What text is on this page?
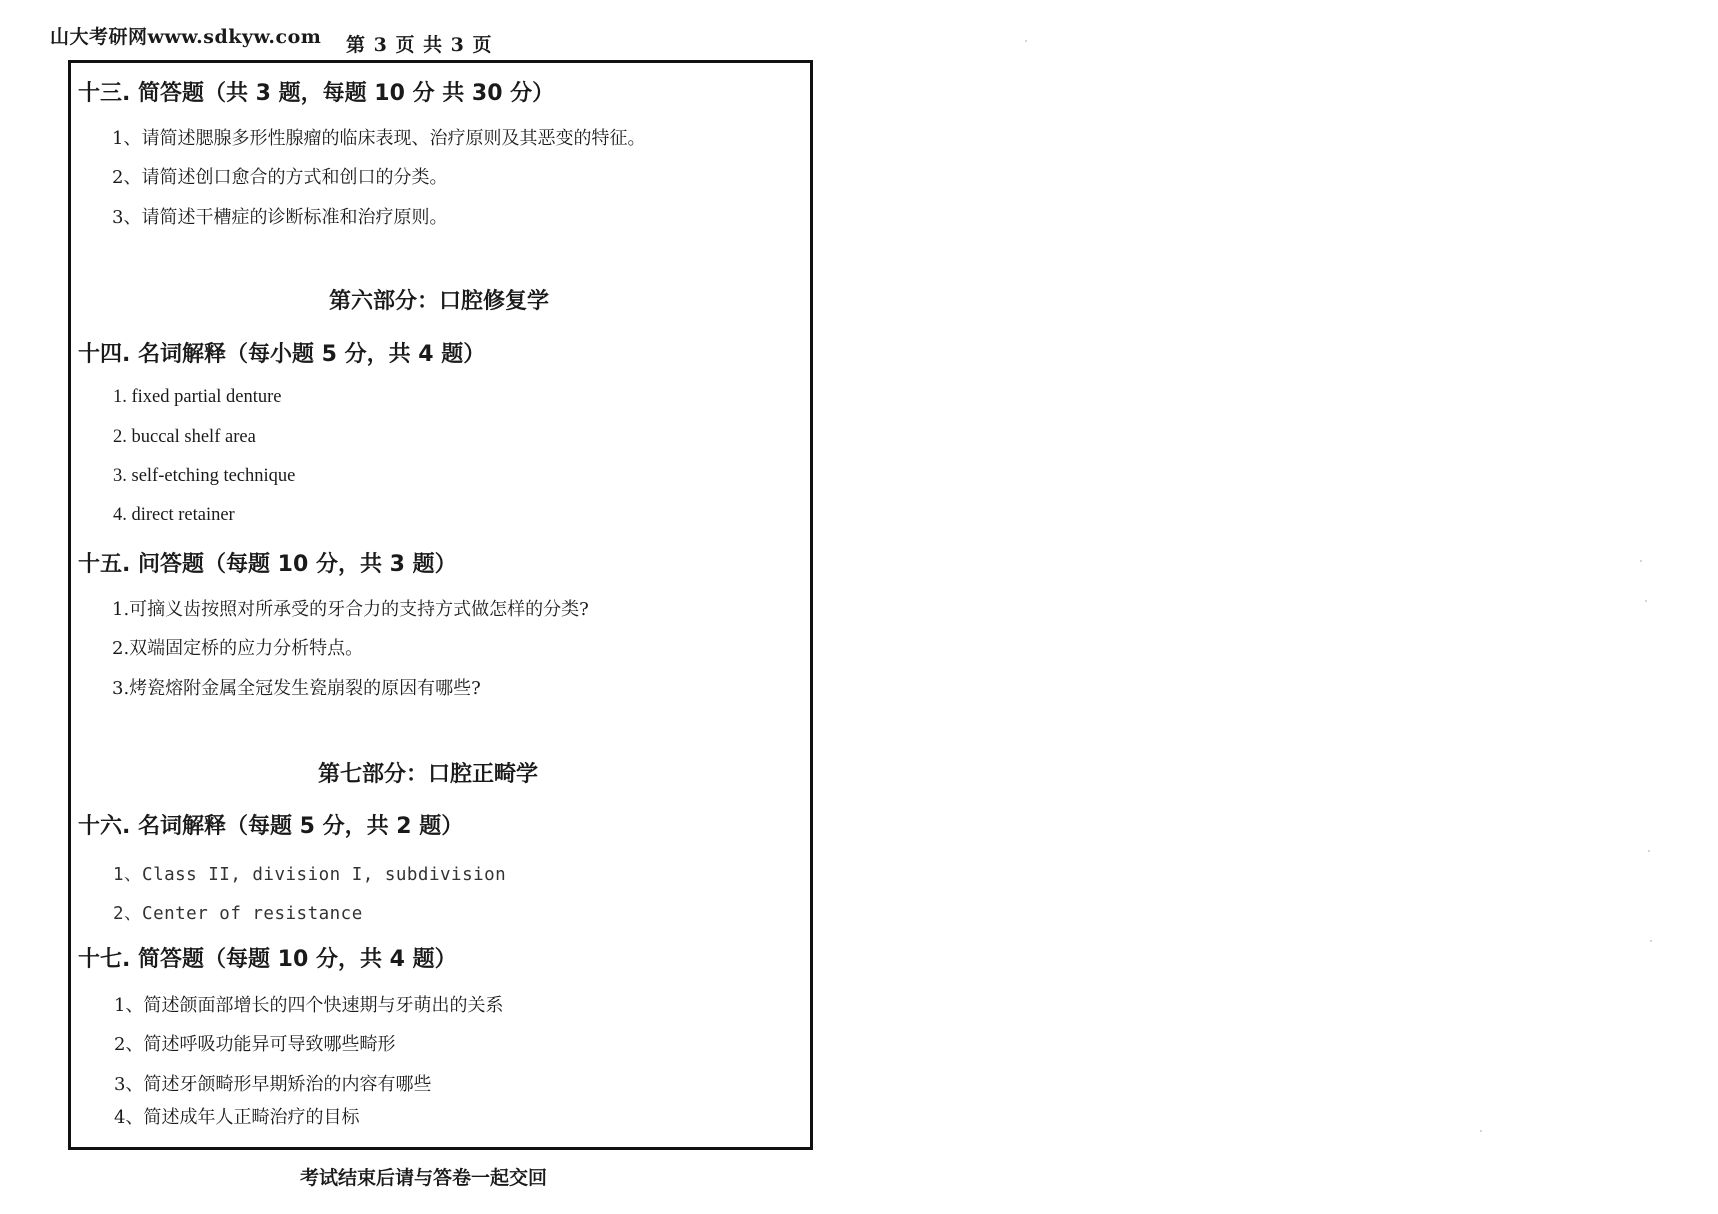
山大考研网www.sdkyw.com 第 3 页 共 3 页
十三. 简答题（共 3 题，每题 10 分 共 30 分）
1、请简述腮腺多形性腺瘤的临床表现、治疗原则及其恶变的特征。
2、请简述创口愈合的方式和创口的分类。
3、请简述干槽症的诊断标准和治疗原则。
第六部分：口腔修复学
十四. 名词解释（每小题 5 分，共 4 题）
1. fixed partial denture
2. buccal shelf area
3. self-etching technique
4. direct retainer
十五. 问答题（每题 10 分，共 3 题）
1.可摘义齿按照对所承受的牙合力的支持方式做怎样的分类?
2.双端固定桥的应力分析特点。
3.烤瓷熔附金属全冠发生瓷崩裂的原因有哪些?
第七部分：口腔正畸学
十六. 名词解释（每题 5 分，共 2 题）
1、Class II, division I, subdivision
2、Center of resistance
十七. 简答题（每题 10 分，共 4 题）
1、简述颌面部增长的四个快速期与牙萌出的关系
2、简述呼吸功能异可导致哪些畸形
3、简述牙颌畸形早期矫治的内容有哪些
4、简述成年人正畸治疗的目标
考试结束后请与答卷一起交回
